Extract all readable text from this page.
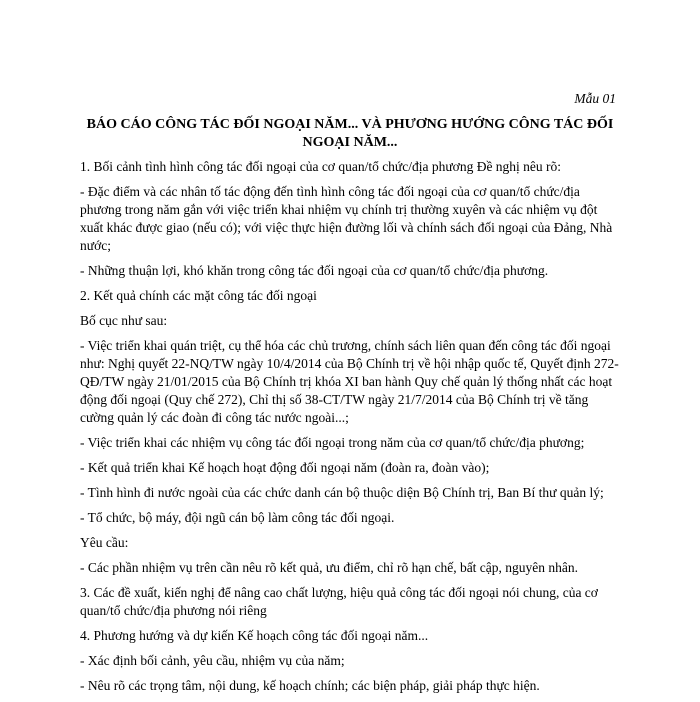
Mẫu 01
BÁO CÁO CÔNG TÁC ĐỐI NGOẠI NĂM... VÀ PHƯƠNG HƯỚNG CÔNG TÁC ĐỐI NGOẠI NĂM...

1. Bối cảnh tình hình công tác đối ngoại của cơ quan/tổ chức/địa phương Đề nghị nêu rõ:

- Đặc điểm và các nhân tố tác động đến tình hình công tác đối ngoại của cơ quan/tổ chức/địa phương trong năm gắn với việc triển khai nhiệm vụ chính trị thường xuyên và các nhiệm vụ đột xuất khác được giao (nếu có); với việc thực hiện đường lối và chính sách đối ngoại của Đảng, Nhà nước;

- Những thuận lợi, khó khăn trong công tác đối ngoại của cơ quan/tổ chức/địa phương.

2. Kết quả chính các mặt công tác đối ngoại

Bố cục như sau:

- Việc triển khai quán triệt, cụ thể hóa các chủ trương, chính sách liên quan đến công tác đối ngoại như: Nghị quyết 22-NQ/TW ngày 10/4/2014 của Bộ Chính trị về hội nhập quốc tế, Quyết định 272-QĐ/TW ngày 21/01/2015 của Bộ Chính trị khóa XI ban hành Quy chế quản lý thống nhất các hoạt động đối ngoại (Quy chế 272), Chỉ thị số 38-CT/TW ngày 21/7/2014 của Bộ Chính trị về tăng cường quản lý các đoàn đi công tác nước ngoài...;

- Việc triển khai các nhiệm vụ công tác đối ngoại trong năm của cơ quan/tổ chức/địa phương;

- Kết quả triển khai Kế hoạch hoạt động đối ngoại năm (đoàn ra, đoàn vào);

- Tình hình đi nước ngoài của các chức danh cán bộ thuộc diện Bộ Chính trị, Ban Bí thư quản lý;

- Tổ chức, bộ máy, đội ngũ cán bộ làm công tác đối ngoại.

Yêu cầu:

- Các phần nhiệm vụ trên cần nêu rõ kết quả, ưu điểm, chỉ rõ hạn chế, bất cập, nguyên nhân.

3. Các đề xuất, kiến nghị để nâng cao chất lượng, hiệu quả công tác đối ngoại nói chung, của cơ quan/tổ chức/địa phương nói riêng

4. Phương hướng và dự kiến Kế hoạch công tác đối ngoại năm...

- Xác định bối cảnh, yêu cầu, nhiệm vụ của năm;

- Nêu rõ các trọng tâm, nội dung, kế hoạch chính; các biện pháp, giải pháp thực hiện.
